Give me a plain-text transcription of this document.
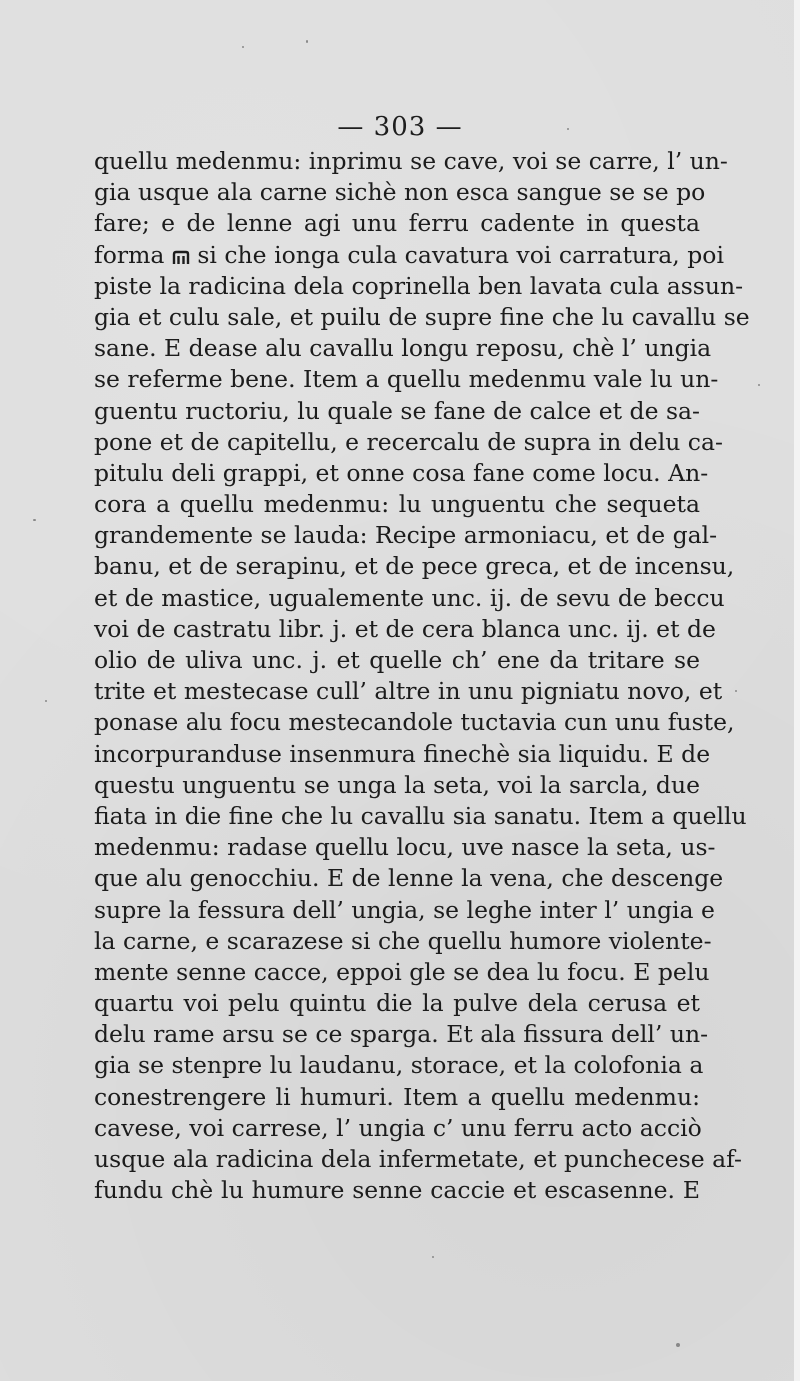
— 303 —
quellu medenmu: inprimu se cave, voi se carre, l’ un-
gia usque ala carne sichè non esca sangue se se po
fare; e de lenne agi unu ferru cadente in questa
forma si che ionga cula cavatura voi carratura, poi
piste la radicina dela coprinella ben lavata cula assun-
gia et culu sale, et puilu de supre fine che lu cavallu se
sane. E dease alu cavallu longu reposu, chè l’ ungia
se referme bene. Item a quellu medenmu vale lu un-
guentu ructoriu, lu quale se fane de calce et de sa-
pone et de capitellu, e recercalu de supra in delu ca-
pitulu deli grappi, et onne cosa fane come locu. An-
cora a quellu medenmu: lu unguentu che sequeta
grandemente se lauda: Recipe armoniacu, et de gal-
banu, et de serapinu, et de pece greca, et de incensu,
et de mastice, ugualemente unc. ij. de sevu de beccu
voi de castratu libr. j. et de cera blanca unc. ij. et de
olio de uliva unc. j. et quelle ch’ ene da tritare se
trite et mestecase cull’ altre in unu pigniatu novo, et
ponase alu focu mestecandole tuctavia cun unu fuste,
incorpuranduse insenmura finechè sia liquidu. E de
questu unguentu se unga la seta, voi la sarcla, due
fiata in die fine che lu cavallu sia sanatu. Item a quellu
medenmu: radase quellu locu, uve nasce la seta, us-
que alu genocchiu. E de lenne la vena, che descenge
supre la fessura dell’ ungia, se leghe inter l’ ungia e
la carne, e scarazese si che quellu humore violente-
mente senne cacce, eppoi gle se dea lu focu. E pelu
quartu voi pelu quintu die la pulve dela cerusa et
delu rame arsu se ce sparga. Et ala fissura dell’ un-
gia se stenpre lu laudanu, storace, et la colofonia a
conestrengere li humuri. Item a quellu medenmu:
cavese, voi carrese, l’ ungia c’ unu ferru acto acciò
usque ala radicina dela infermetate, et punchecese af-
fundu chè lu humure senne caccie et escasenne. E
